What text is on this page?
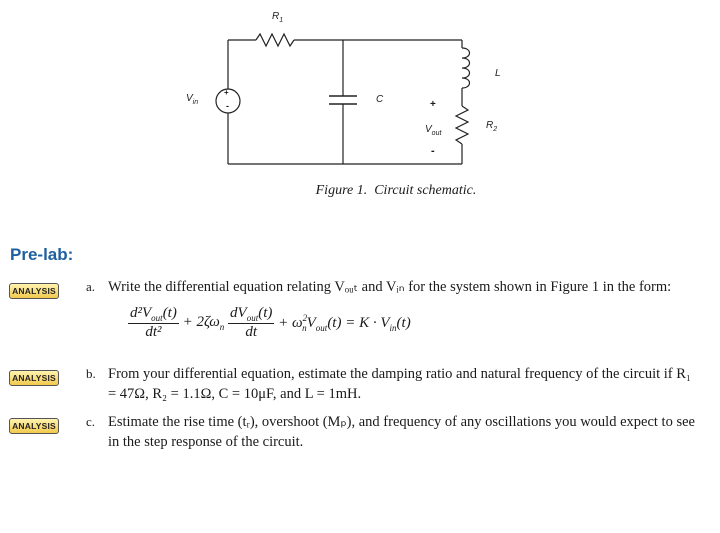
$R_1$
L
C
$R_2$
$V_{in}$
$V_{out}$
+
-
+
-
Figure 1. Circuit schematic.
Pre-lab:
ANALYSIS
ANALYSIS
ANALYSIS
a. Write the differential equation relating Vₒᵤₜ and Vᵢₙ for the system shown in Figure 1 in the form:
$d^2V_{out}(t)$
dt²
+ $2\zeta\omega_n$
$dV_{out}(t)$
dt
+ $\omega^2_nV_{out}(t) = K \cdot V_{in}(t)$
b. From your differential equation, estimate the damping ratio and natural frequency of the circuit if R₁ = 47Ω, R₂ = 1.1Ω, C = 10μF, and L = 1mH.
c. Estimate the rise time (tᵣ), overshoot (Mₚ), and frequency of any oscillations you would expect to see in the step response of the circuit.
